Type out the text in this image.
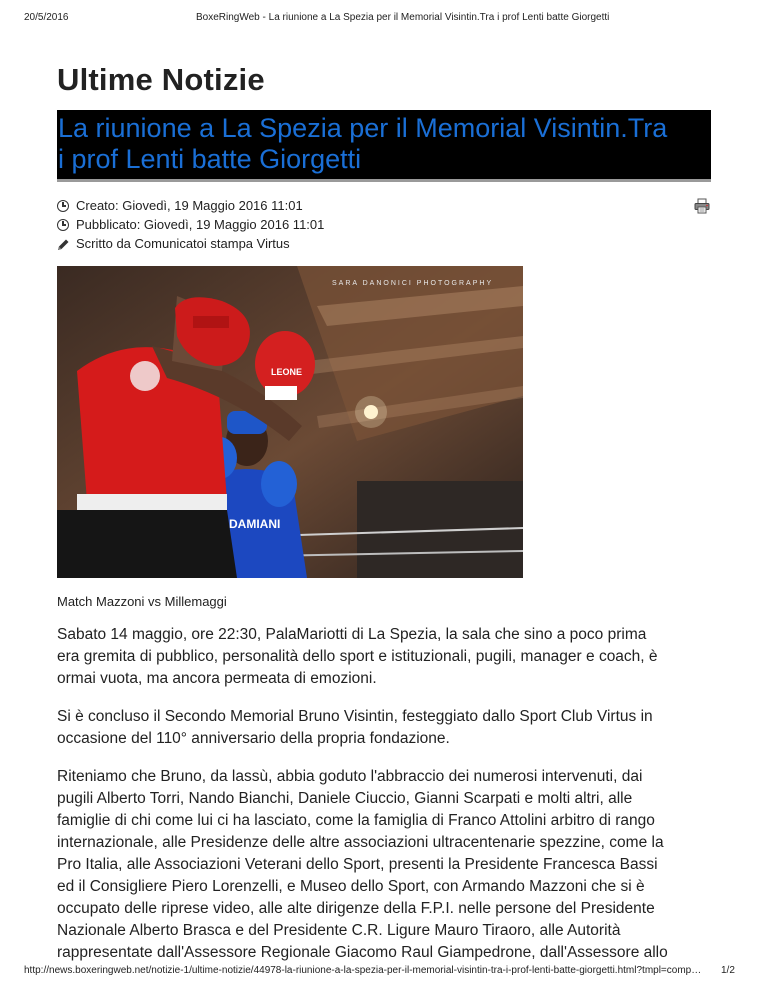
20/5/2016	BoxeRingWeb - La riunione a La Spezia per il Memorial Visintin.Tra i prof Lenti batte Giorgetti
Ultime Notizie
La riunione a La Spezia per il Memorial Visintin.Tra
i prof Lenti batte Giorgetti
Creato: Giovedì, 19 Maggio 2016 11:01
Pubblicato: Giovedì, 19 Maggio 2016 11:01
Scritto da Comunicatoi stampa Virtus
SARA DANONICI PHOTOGRAPHY
DAMIANI
LEONE
Match Mazzoni vs Millemaggi

Sabato 14 maggio, ore 22:30, PalaMariotti di La Spezia, la sala che sino a poco prima
era gremita di pubblico, personalità dello sport e istituzionali, pugili, manager e coach, è
ormai vuota, ma ancora permeata di emozioni.

Si è concluso il Secondo Memorial Bruno Visintin, festeggiato dallo Sport Club Virtus in
occasione del 110° anniversario della propria fondazione.

Riteniamo che Bruno, da lassù, abbia goduto l'abbraccio dei numerosi intervenuti, dai
pugili Alberto Torri, Nando Bianchi, Daniele Ciuccio, Gianni Scarpati e molti altri, alle
famiglie di chi come lui ci ha lasciato, come la famiglia di Franco Attolini arbitro di rango
internazionale, alle Presidenze delle altre associazioni ultracentenarie spezzine, come la
Pro Italia, alle Associazioni Veterani dello Sport, presenti la Presidente Francesca Bassi
ed il Consigliere Piero Lorenzelli, e Museo dello Sport, con Armando Mazzoni che si è
occupato delle riprese video, alle alte dirigenze della F.P.I. nelle persone del Presidente
Nazionale Alberto Brasca e del Presidente C.R. Ligure Mauro Tiraoro, alle Autorità
rappresentate dall'Assessore Regionale Giacomo Raul Giampedrone, dall'Assessore allo

http://news.boxeringweb.net/notizie-1/ultime-notizie/44978-la-riunione-a-la-spezia-per-il-memorial-visintin-tra-i-prof-lenti-batte-giorgetti.html?tmpl=comp… 1/2
